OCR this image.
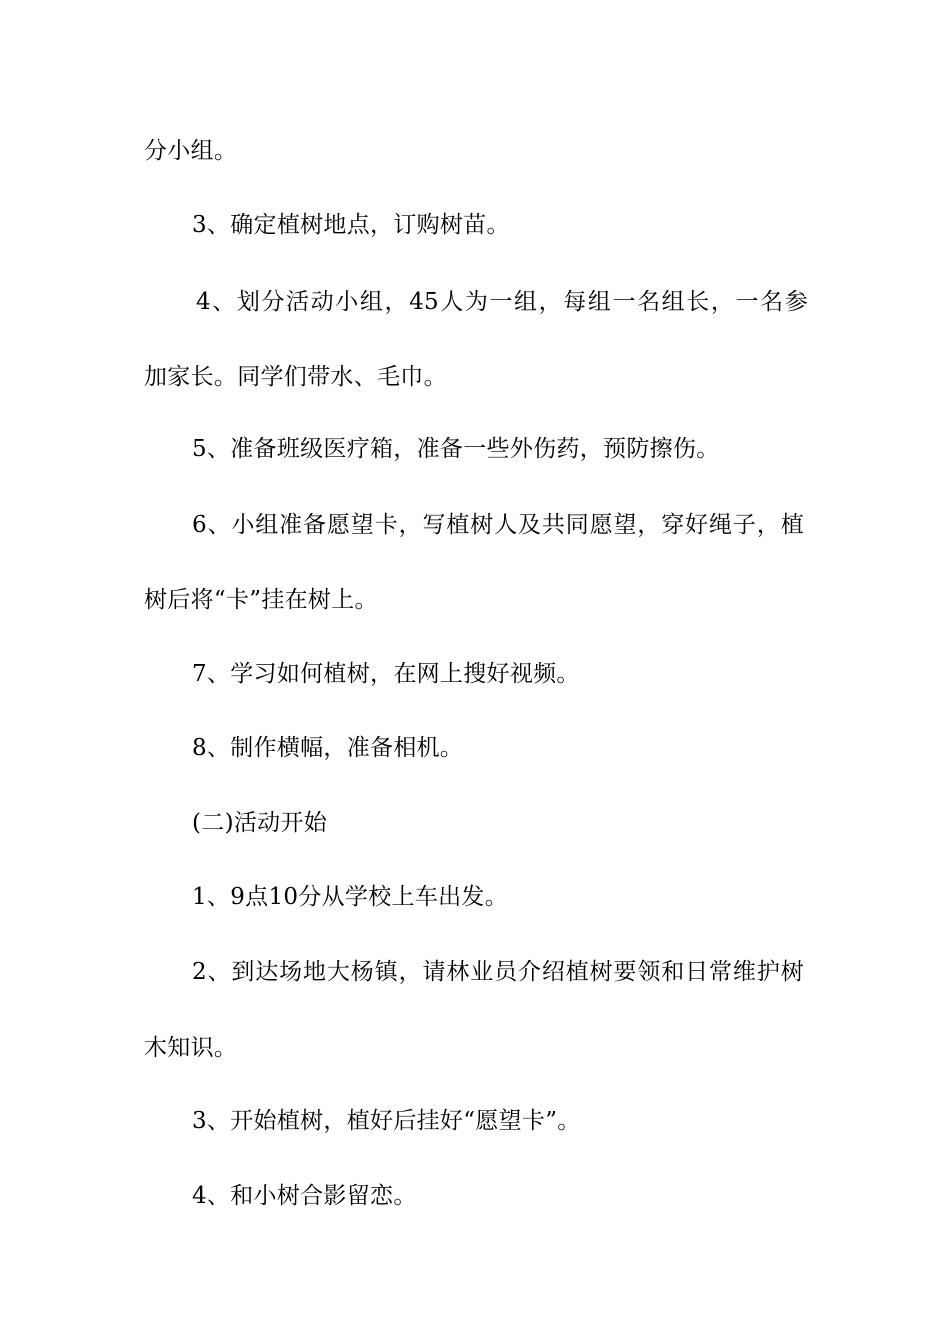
分小组。
3、确定植树地点，订购树苗。
4、划分活动小组，45人为一组，每组一名组长，一名参
加家长。同学们带水、毛巾。
5、准备班级医疗箱，准备一些外伤药，预防擦伤。
6、小组准备愿望卡，写植树人及共同愿望，穿好绳子，植
树后将“卡”挂在树上。
7、学习如何植树，在网上搜好视频。
8、制作横幅，准备相机。
(二)活动开始
1、9点10分从学校上车出发。
2、到达场地大杨镇，请林业员介绍植树要领和日常维护树
木知识。
3、开始植树，植好后挂好“愿望卡”。
4、和小树合影留恋。
